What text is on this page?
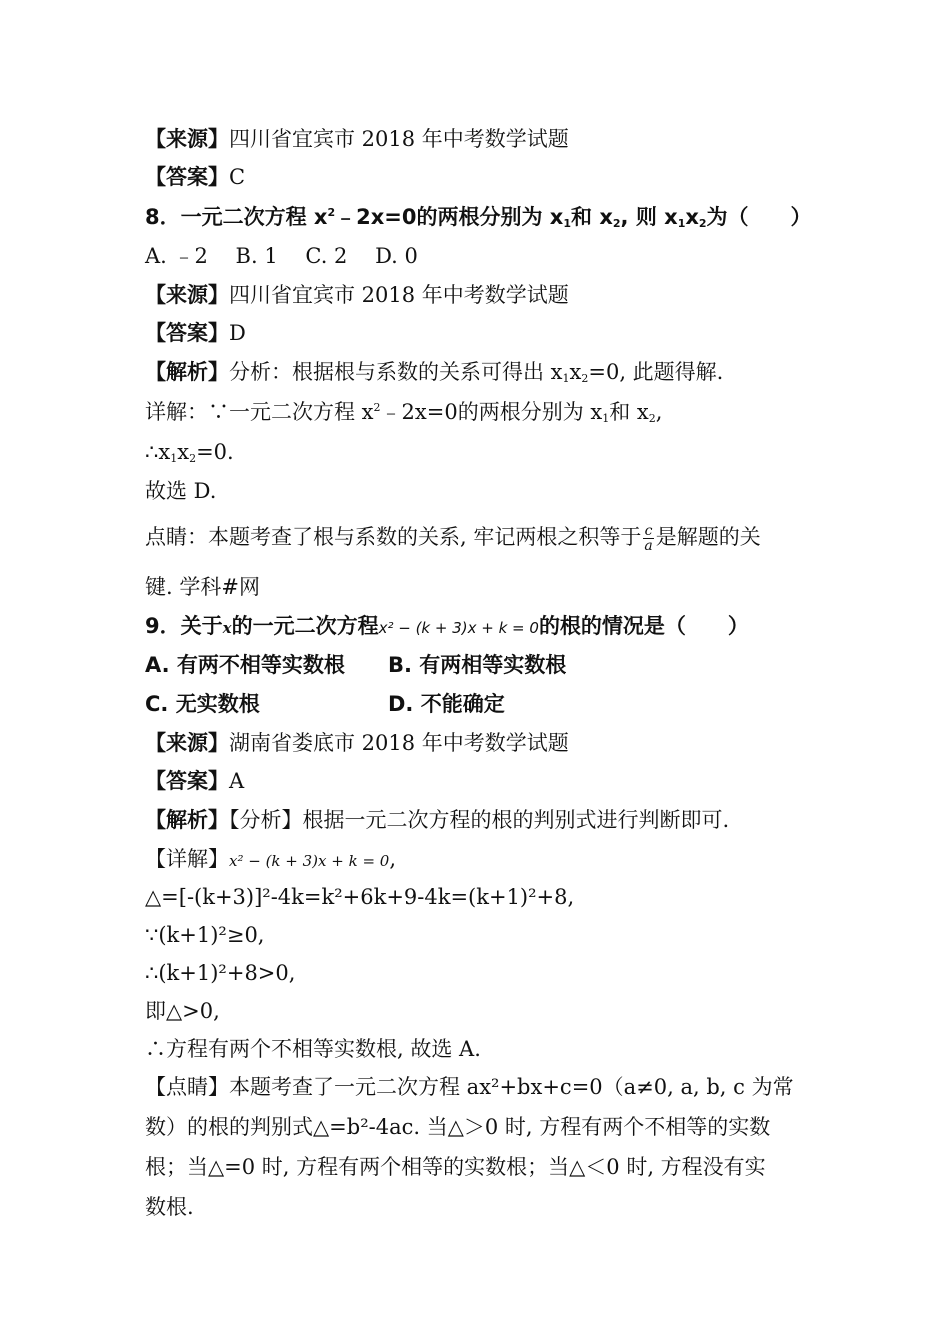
【来源】四川省宜宾市 2018 年中考数学试题
【答案】C
8．一元二次方程 $x^2﹣2x=0$的两根分别为 $x_1$和 $x_2$, 则 $x_1x_2$为（　　）
A. ﹣2　 B. 1　 C. 2　 D. 0
【来源】四川省宜宾市 2018 年中考数学试题
【答案】D
【解析】分析：根据根与系数的关系可得出 $x_1x_2=0$, 此题得解.
详解：∵一元二次方程 $x^2﹣2x=0$的两根分别为 $x_1$和 $x_2$,
$\therefore x_1x_2=0$.
故选 D.
点睛：本题考查了根与系数的关系, 牢记两根之积等于 $\frac{c}{a}$ 是解题的关
键. 学科#网
9．关于x的一元二次方程x² − (k + 3)x + k = 0的根的情况是（　　）
A. 有两不相等实数根 B. 有两相等实数根
C. 无实数根	D. 不能确定
【来源】湖南省娄底市 2018 年中考数学试题
【答案】A
【解析】【分析】根据一元二次方程的根的判别式进行判断即可.
【详解】x² − (k + 3)x + k = 0,
△=[-(k+3)]²-4k=k²+6k+9-4k=(k+1)²+8,
∵(k+1)²≥0,
∴(k+1)²+8>0,
即△>0,
∴方程有两个不相等实数根, 故选 A.
【点睛】本题考查了一元二次方程 ax²+bx+c=0（a≠0, a, b, c 为常
数）的根的判别式△=b²-4ac. 当△＞0 时, 方程有两个不相等的实数
根；当△=0 时, 方程有两个相等的实数根；当△＜0 时, 方程没有实
数根.
